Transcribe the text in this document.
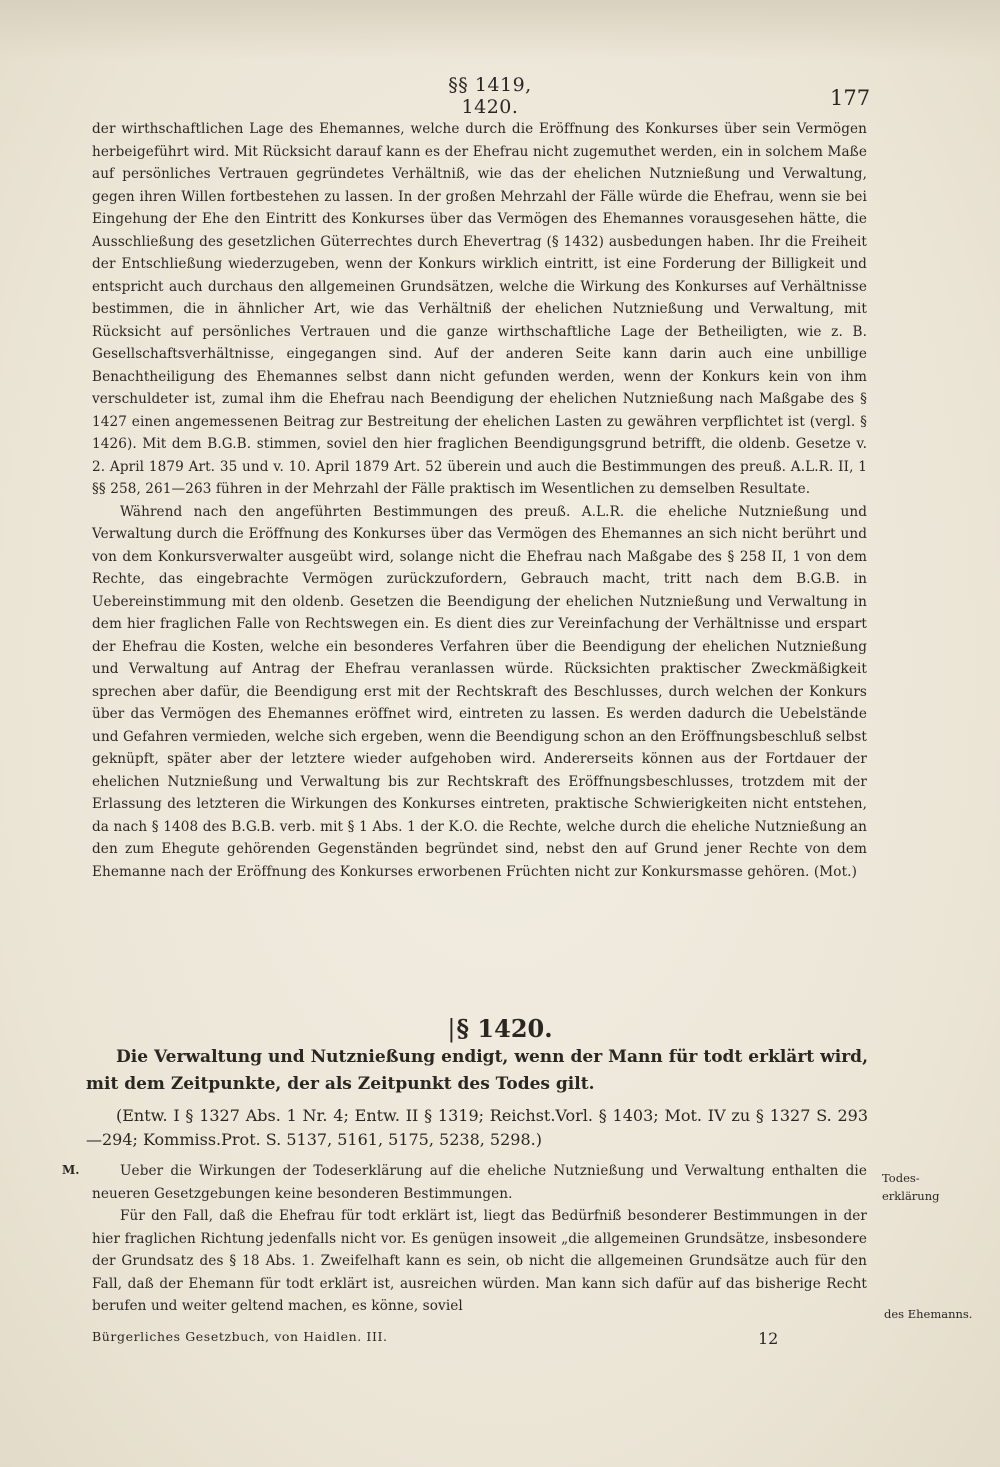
§§ 1419, 1420.	177

der wirthschaftlichen Lage des Ehemannes, welche durch die Eröffnung des Konkurses über sein Vermögen herbeigeführt wird. Mit Rücksicht darauf kann es der Ehefrau nicht zugemuthet werden, ein in solchem Maße auf persönliches Vertrauen gegründetes Verhältniß, wie das der ehelichen Nutznießung und Verwaltung, gegen ihren Willen fortbestehen zu lassen. In der großen Mehrzahl der Fälle würde die Ehefrau, wenn sie bei Eingehung der Ehe den Eintritt des Konkurses über das Vermögen des Ehemannes vorausgesehen hätte, die Ausschließung des gesetzlichen Güterrechtes durch Ehevertrag (§ 1432) ausbedungen haben. Ihr die Freiheit der Entschließung wiederzugeben, wenn der Konkurs wirklich eintritt, ist eine Forderung der Billigkeit und entspricht auch durchaus den allgemeinen Grundsätzen, welche die Wirkung des Konkurses auf Verhältnisse bestimmen, die in ähnlicher Art, wie das Verhältniß der ehelichen Nutznießung und Verwaltung, mit Rücksicht auf persönliches Vertrauen und die ganze wirthschaftliche Lage der Betheiligten, wie z. B. Gesellschaftsverhältnisse, eingegangen sind. Auf der anderen Seite kann darin auch eine unbillige Benachtheiligung des Ehemannes selbst dann nicht gefunden werden, wenn der Konkurs kein von ihm verschuldeter ist, zumal ihm die Ehefrau nach Beendigung der ehelichen Nutznießung nach Maßgabe des § 1427 einen angemessenen Beitrag zur Bestreitung der ehelichen Lasten zu gewähren verpflichtet ist (vergl. § 1426). Mit dem B.G.B. stimmen, soviel den hier fraglichen Beendigungsgrund betrifft, die oldenb. Gesetze v. 2. April 1879 Art. 35 und v. 10. April 1879 Art. 52 überein und auch die Bestimmungen des preuß. A.L.R. II, 1 §§ 258, 261—263 führen in der Mehrzahl der Fälle praktisch im Wesentlichen zu demselben Resultate.

Während nach den angeführten Bestimmungen des preuß. A.L.R. die eheliche Nutznießung und Verwaltung durch die Eröffnung des Konkurses über das Vermögen des Ehemannes an sich nicht berührt und von dem Konkursverwalter ausgeübt wird, solange nicht die Ehefrau nach Maßgabe des § 258 II, 1 von dem Rechte, das eingebrachte Vermögen zurückzufordern, Gebrauch macht, tritt nach dem B.G.B. in Uebereinstimmung mit den oldenb. Gesetzen die Beendigung der ehelichen Nutznießung und Verwaltung in dem hier fraglichen Falle von Rechtswegen ein. Es dient dies zur Vereinfachung der Verhältnisse und erspart der Ehefrau die Kosten, welche ein besonderes Verfahren über die Beendigung der ehelichen Nutznießung und Verwaltung auf Antrag der Ehefrau veranlassen würde. Rücksichten praktischer Zweckmäßigkeit sprechen aber dafür, die Beendigung erst mit der Rechtskraft des Beschlusses, durch welchen der Konkurs über das Vermögen des Ehemannes eröffnet wird, eintreten zu lassen. Es werden dadurch die Uebelstände und Gefahren vermieden, welche sich ergeben, wenn die Beendigung schon an den Eröffnungsbeschluß selbst geknüpft, später aber der letztere wieder aufgehoben wird. Andererseits können aus der Fortdauer der ehelichen Nutznießung und Verwaltung bis zur Rechtskraft des Eröffnungsbeschlusses, trotzdem mit der Erlassung des letzteren die Wirkungen des Konkurses eintreten, praktische Schwierigkeiten nicht entstehen, da nach § 1408 des B.G.B. verb. mit § 1 Abs. 1 der K.O. die Rechte, welche durch die eheliche Nutznießung an den zum Ehegute gehörenden Gegenständen begründet sind, nebst den auf Grund jener Rechte von dem Ehemanne nach der Eröffnung des Konkurses erworbenen Früchten nicht zur Konkursmasse gehören. (Mot.)

|§ 1420.
Die Verwaltung und Nutznießung endigt, wenn der Mann für todt erklärt wird, mit dem Zeitpunkte, der als Zeitpunkt des Todes gilt.
(Entw. I § 1327 Abs. 1 Nr. 4; Entw. II § 1319; Reichst.Vorl. § 1403; Mot. IV zu § 1327 S. 293—294; Kommiss.Prot. S. 5137, 5161, 5175, 5238, 5298.)
M.
Todes-
erklärung

Ueber die Wirkungen der Todeserklärung auf die eheliche Nutznießung und Verwaltung enthalten die neueren Gesetzgebungen keine besonderen Bestimmungen.

Für den Fall, daß die Ehefrau für todt erklärt ist, liegt das Bedürfniß besonderer Bestimmungen in der hier fraglichen Richtung jedenfalls nicht vor. Es genügen insoweit „die allgemeinen Grundsätze, insbesondere der Grundsatz des § 18 Abs. 1. Zweifelhaft kann es sein, ob nicht die allgemeinen Grundsätze auch für den Fall, daß der Ehemann für todt erklärt ist, ausreichen würden. Man kann sich dafür auf das bisherige Recht berufen und weiter geltend machen, es könne, soviel	des Ehemanns.
Bürgerliches Gesetzbuch, von Haidlen. III.	12
